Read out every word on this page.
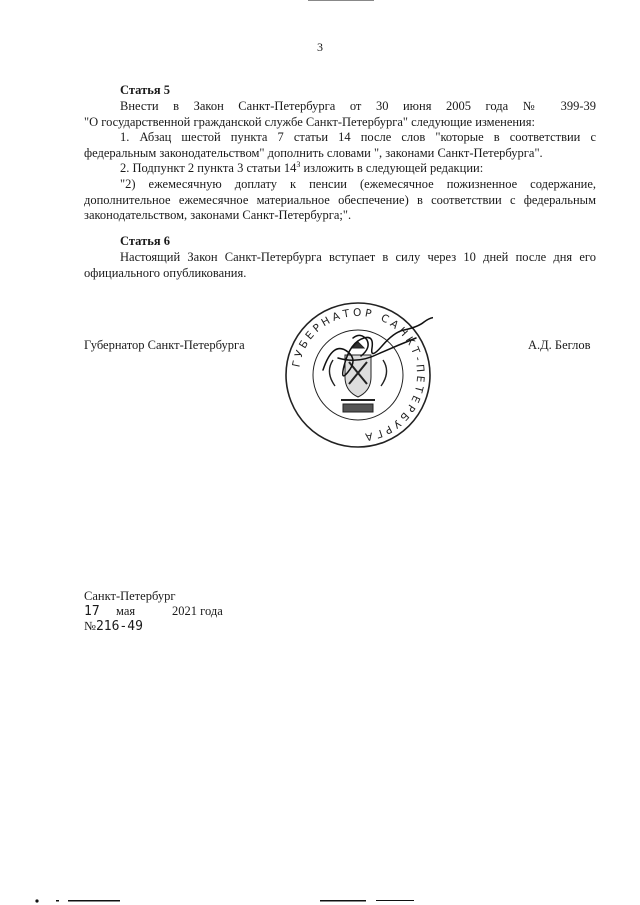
3
Статья 5

Внести в Закон Санкт-Петербурга от 30 июня 2005 года № 399-39

"О государственной гражданской службе Санкт-Петербурга" следующие изменения:

1. Абзац шестой пункта 7 статьи 14 после слов "которые в соответствии с

федеральным законодательством" дополнить словами ", законами Санкт-Петербурга".

2. Подпункт 2 пункта 3 статьи $14^3$ изложить в следующей редакции:

"2) ежемесячную доплату к пенсии (ежемесячное пожизненное содержание,

дополнительное ежемесячное материальное обеспечение) в соответствии с федеральным

законодательством, законами Санкт-Петербурга;".

Статья 6

Настоящий Закон Санкт-Петербурга вступает в силу через 10 дней после дня его

официального опубликования.

Губернатор Санкт-Петербурга
ГУБЕРНАТОР САНКТ-ПЕТЕРБУРГА
А.Д. Беглов
Санкт-Петербург
17 мая	2021 года
№216-49
